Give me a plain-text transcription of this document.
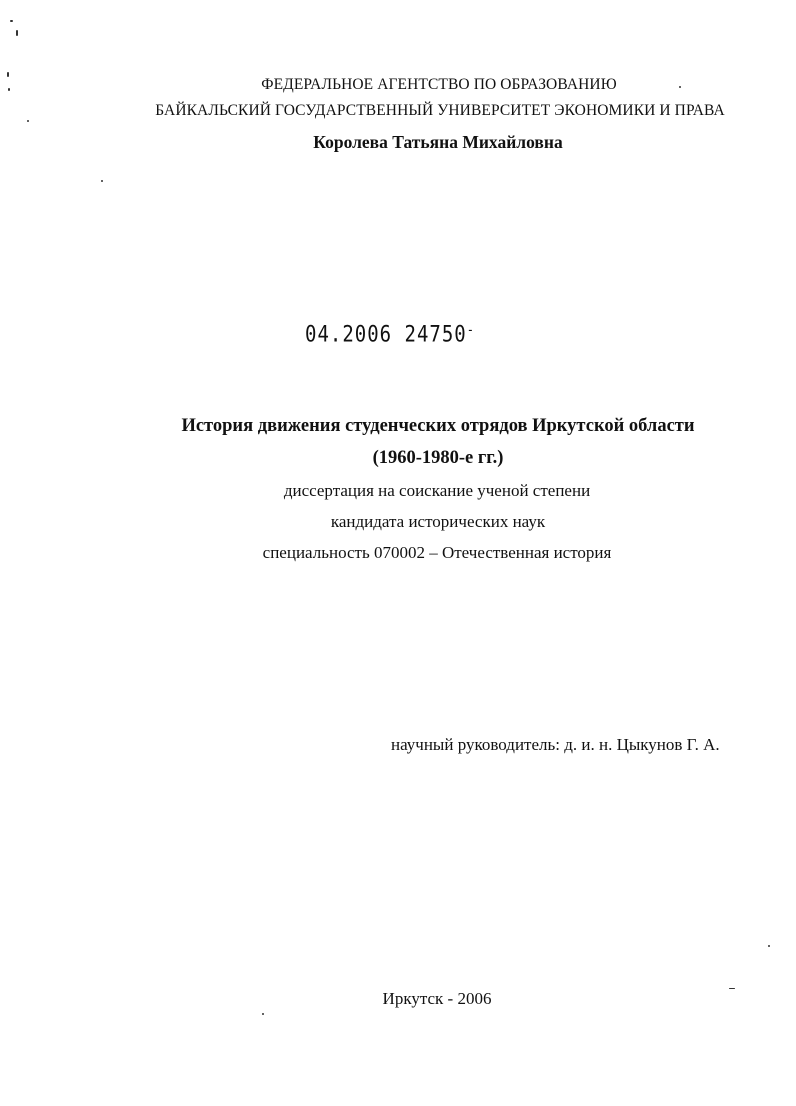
ФЕДЕРАЛЬНОЕ АГЕНТСТВО ПО ОБРАЗОВАНИЮ
БАЙКАЛЬСКИЙ ГОСУДАРСТВЕННЫЙ УНИВЕРСИТЕТ ЭКОНОМИКИ И ПРАВА
Королева Татьяна Михайловна
04.2006 24750-
История движения студенческих отрядов Иркутской области
(1960-1980-е гг.)
диссертация на соискание ученой степени
кандидата исторических наук
специальность 070002 – Отечественная история
научный руководитель: д. и. н. Цыкунов Г. А.
Иркутск - 2006
